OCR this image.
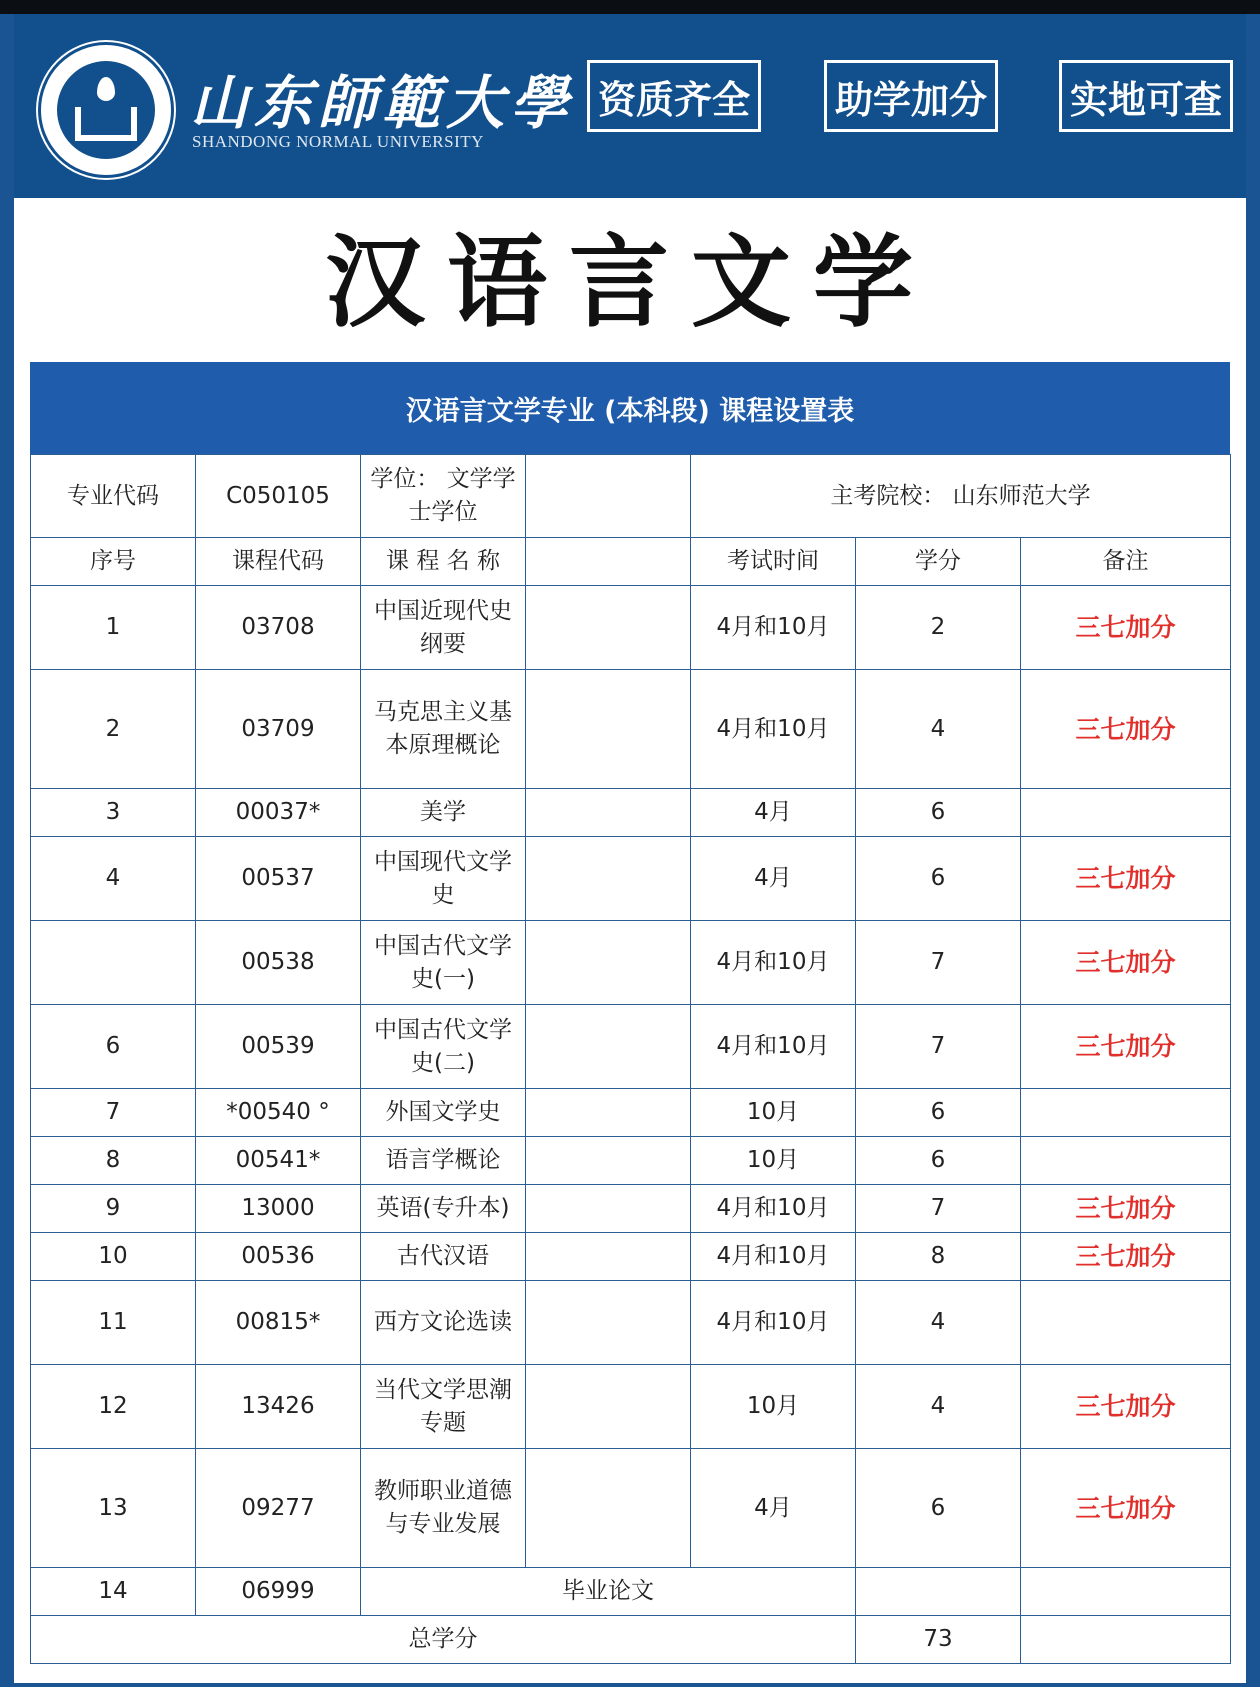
山东師範大學
SHANDONG NORMAL UNIVERSITY
资质齐全 助学加分 实地可查
汉语言文学
汉语言文学专业 (本科段) 课程设置表
专业代码	C050105	学位： 文学学士学位		主考院校： 山东师范大学		
序号	课程代码	课 程 名 称		考试时间	学分	备注
1	03708	中国近现代史纲要		4月和10月	2	三七加分
2	03709	马克思主义基本原理概论		4月和10月	4	三七加分
3	00037*	美学		4月	6	
4	00537	中国现代文学史		4月	6	三七加分
	00538	中国古代文学史(一)		4月和10月	7	三七加分
6	00539	中国古代文学史(二)		4月和10月	7	三七加分
7	*00540 °	外国文学史		10月	6	
8	00541*	语言学概论		10月	6	
9	13000	英语(专升本)		4月和10月	7	三七加分
10	00536	古代汉语		4月和10月	8	三七加分
11	00815*	西方文论选读		4月和10月	4	
12	13426	当代文学思潮专题		10月	4	三七加分
13	09277	教师职业道德与专业发展		4月	6	三七加分
14	06999	毕业论文				
总学分					73	
